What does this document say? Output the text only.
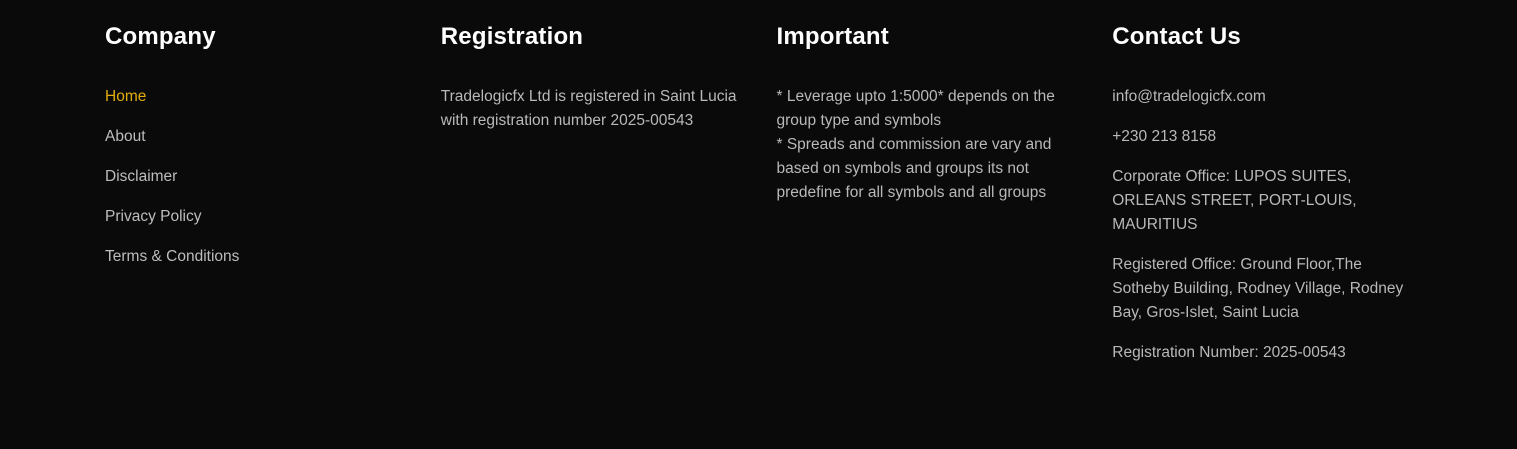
Company
Home
About
Disclaimer
Privacy Policy
Terms & Conditions
Registration

Tradelogicfx Ltd is registered in Saint Lucia with registration number 2025-00543

Important

* Leverage upto 1:5000* depends on the group type and symbols

* Spreads and commission are vary and based on symbols and groups its not predefine for all symbols and all groups

Contact Us

info@tradelogicfx.com

+230 213 8158

Corporate Office: LUPOS SUITES, ORLEANS STREET, PORT-LOUIS, MAURITIUS

Registered Office: Ground Floor,The Sotheby Building, Rodney Village, Rodney Bay, Gros-Islet, Saint Lucia

Registration Number: 2025-00543
